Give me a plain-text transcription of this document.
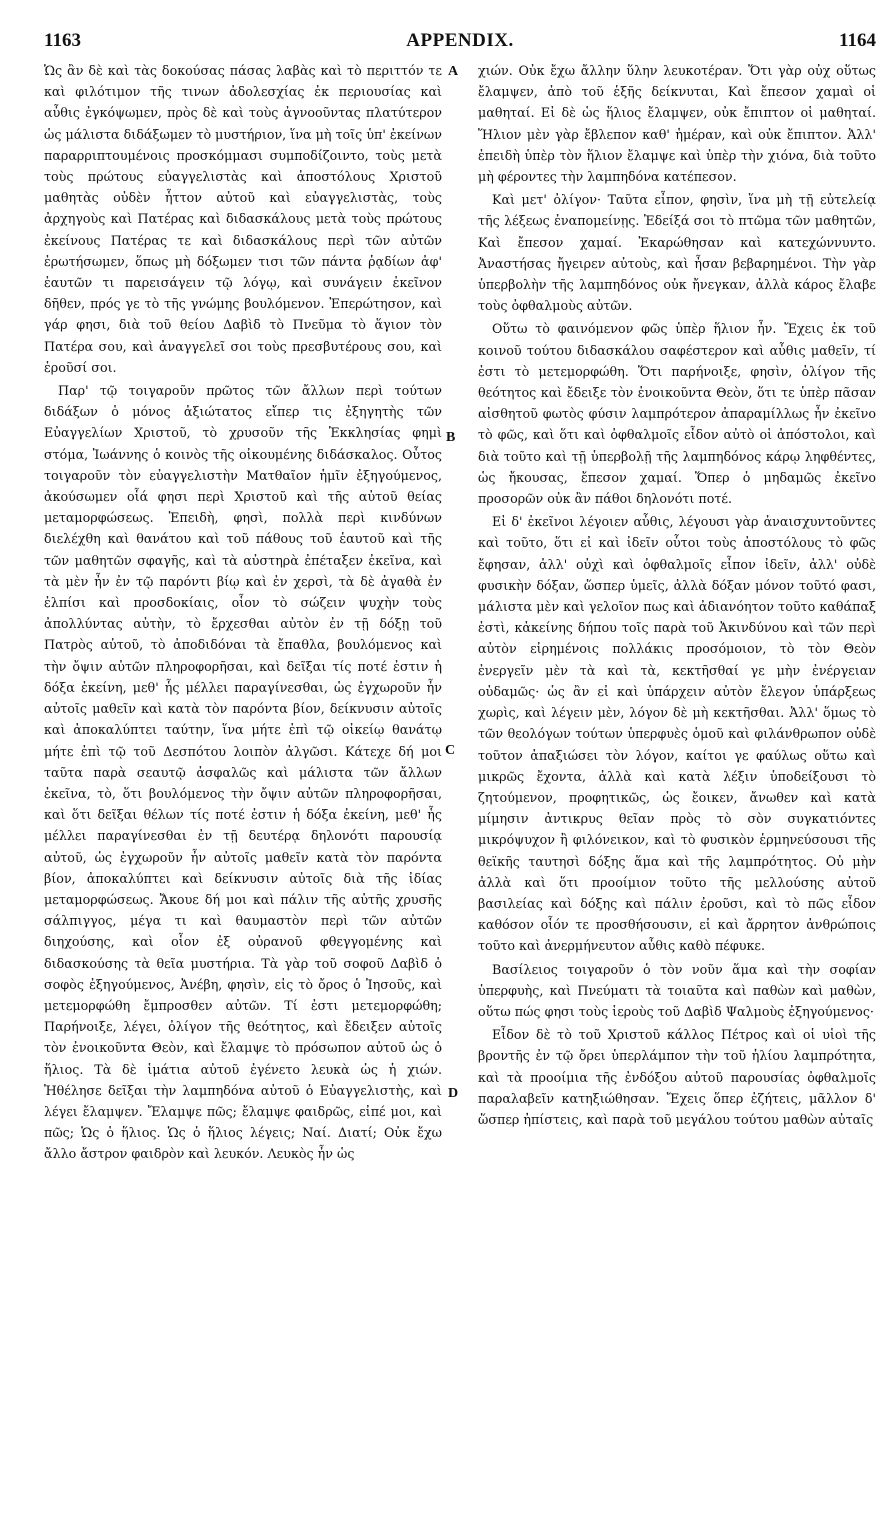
APPENDIX.
1163	1164
A
B
C
D

Ὡς ἂν δὲ καὶ τὰς δοκούσας πάσας λαβὰς καὶ τὸ περιττόν τε καὶ φιλότιμον τῆς τινων ἀδολεσχίας ἐκ περιουσίας καὶ αὖθις ἐγκόψωμεν, πρὸς δὲ καὶ τοὺς ἀγνοοῦντας πλατύτερον ὡς μάλιστα διδάξωμεν τὸ μυστήριον, ἵνα μὴ τοῖς ὑπ' ἐκείνων παραρριπτουμένοις προσκόμμασι συμποδίζοιντο, τοὺς μετὰ τοὺς πρώτους εὐαγγελιστὰς καὶ ἀποστόλους Χριστοῦ μαθητὰς οὐδὲν ἧττον αὐτοῦ καὶ εὐαγγελιστὰς, τοὺς ἀρχηγοὺς καὶ Πατέρας καὶ διδασκάλους μετὰ τοὺς πρώτους ἐκείνους Πατέρας τε καὶ διδασκάλους περὶ τῶν αὐτῶν ἐρωτήσωμεν, ὅπως μὴ δόξωμεν τισι τῶν πάντα ῥᾳδίων ἀφ' ἑαυτῶν τι παρεισάγειν τῷ λόγῳ, καὶ συνάγειν ἐκεῖνον δῆθεν, πρός γε τὸ τῆς γνώμης βουλόμενον. Ἐπερώτησον, καὶ γάρ φησι, διὰ τοῦ θείου Δαβὶδ τὸ Πνεῦμα τὸ ἅγιον τὸν Πατέρα σου, καὶ ἀναγγελεῖ σοι τοὺς πρεσβυτέρους σου, καὶ ἐροῦσί σοι.

Παρ' τῷ τοιγαροῦν πρῶτος τῶν ἄλλων περὶ τούτων διδάξων ὁ μόνος ἀξιώτατος εἴπερ τις ἐξηγητὴς τῶν Εὐαγγελίων Χριστοῦ, τὸ χρυσοῦν τῆς Ἐκκλησίας φημὶ στόμα, Ἰωάννης ὁ κοινὸς τῆς οἰκουμένης διδάσκαλος. Οὗτος τοιγαροῦν τὸν εὐαγγελιστὴν Ματθαῖον ἡμῖν ἐξηγούμενος, ἀκούσωμεν οἷά φησι περὶ Χριστοῦ καὶ τῆς αὐτοῦ θείας μεταμορφώσεως. Ἐπειδὴ, φησὶ, πολλὰ περὶ κινδύνων διελέχθη καὶ θανάτου καὶ τοῦ πάθους τοῦ ἑαυτοῦ καὶ τῆς τῶν μαθητῶν σφαγῆς, καὶ τὰ αὐστηρὰ ἐπέταξεν ἐκεῖνα, καὶ τὰ μὲν ἦν ἐν τῷ παρόντι βίῳ καὶ ἐν χερσὶ, τὰ δὲ ἀγαθὰ ἐν ἐλπίσι καὶ προσδοκίαις, οἷον τὸ σώζειν ψυχὴν τοὺς ἀπολλύντας αὐτὴν, τὸ ἔρχεσθαι αὐτὸν ἐν τῇ δόξῃ τοῦ Πατρὸς αὐτοῦ, τὸ ἀποδιδόναι τὰ ἔπαθλα, βουλόμενος καὶ τὴν ὄψιν αὐτῶν πληροφορῆσαι, καὶ δεῖξαι τίς ποτέ ἐστιν ἡ δόξα ἐκείνη, μεθ' ἧς μέλλει παραγίνεσθαι, ὡς ἐγχωροῦν ἦν αὐτοῖς μαθεῖν καὶ κατὰ τὸν παρόντα βίον, δείκνυσιν αὐτοῖς καὶ ἀποκαλύπτει ταύτην, ἵνα μήτε ἐπὶ τῷ οἰκείῳ θανάτῳ μήτε ἐπὶ τῷ τοῦ Δεσπότου λοιπὸν ἀλγῶσι. Κάτεχε δή μοι ταῦτα παρὰ σεαυτῷ ἀσφαλῶς καὶ μάλιστα τῶν ἄλλων ἐκεῖνα, τὸ, ὅτι βουλόμενος τὴν ὄψιν αὐτῶν πληροφορῆσαι, καὶ ὅτι δεῖξαι θέλων τίς ποτέ ἐστιν ἡ δόξα ἐκείνη, μεθ' ἧς μέλλει παραγίνεσθαι ἐν τῇ δευτέρᾳ δηλονότι παρουσίᾳ αὐτοῦ, ὡς ἐγχωροῦν ἦν αὐτοῖς μαθεῖν κατὰ τὸν παρόντα βίον, ἀποκαλύπτει καὶ δείκνυσιν αὐτοῖς διὰ τῆς ἰδίας μεταμορφώσεως. Ἄκουε δή μοι καὶ πάλιν τῆς αὐτῆς χρυσῆς σάλπιγγος, μέγα τι καὶ θαυμαστὸν περὶ τῶν αὐτῶν διηχούσης, καὶ οἷον ἐξ οὐρανοῦ φθεγγομένης καὶ διδασκούσης τὰ θεῖα μυστήρια. Τὰ γὰρ τοῦ σοφοῦ Δαβὶδ ὁ σοφὸς ἐξηγούμενος, Ἀνέβη, φησὶν, εἰς τὸ ὄρος ὁ Ἰησοῦς, καὶ μετεμορφώθη ἔμπροσθεν αὐτῶν. Τί ἐστι μετεμορφώθη; Παρήνοιξε, λέγει, ὀλίγον τῆς θεότητος, καὶ ἔδειξεν αὐτοῖς τὸν ἐνοικοῦντα Θεὸν, καὶ ἔλαμψε τὸ πρόσωπον αὐτοῦ ὡς ὁ ἥλιος. Τὰ δὲ ἱμάτια αὐτοῦ ἐγένετο λευκὰ ὡς ἡ χιών. Ἠθέλησε δεῖξαι τὴν λαμπηδόνα αὐτοῦ ὁ Εὐαγγελιστὴς, καὶ λέγει ἔλαμψεν. Ἔλαμψε πῶς; ἔλαμψε φαιδρῶς, εἰπέ μοι, καὶ πῶς; Ὡς ὁ ἥλιος. Ὡς ὁ ἥλιος λέγεις; Ναί. Διατί; Οὐκ ἔχω ἄλλο ἄστρον φαιδρὸν καὶ λευκόν. Λευκὸς ἦν ὡς

χιών. Οὐκ ἔχω ἄλλην ὕλην λευκοτέραν. Ὅτι γὰρ οὐχ οὕτως ἔλαμψεν, ἀπὸ τοῦ ἑξῆς δείκνυται, Καὶ ἔπεσον χαμαὶ οἱ μαθηταί. Εἰ δὲ ὡς ἥλιος ἔλαμψεν, οὐκ ἔπιπτον οἱ μαθηταί. Ἥλιον μὲν γὰρ ἔβλεπον καθ' ἡμέραν, καὶ οὐκ ἔπιπτον. Ἀλλ' ἐπειδὴ ὑπὲρ τὸν ἥλιον ἔλαμψε καὶ ὑπὲρ τὴν χιόνα, διὰ τοῦτο μὴ φέροντες τὴν λαμπηδόνα κατέπεσον.

Καὶ μετ' ὀλίγον· Ταῦτα εἶπον, φησὶν, ἵνα μὴ τῇ εὐτελείᾳ τῆς λέξεως ἐναπομείνῃς. Ἐδείξά σοι τὸ πτῶμα τῶν μαθητῶν, Καὶ ἔπεσον χαμαί. Ἐκαρώθησαν καὶ κατεχώννυντο. Ἀναστήσας ἤγειρεν αὐτοὺς, καὶ ἦσαν βεβαρημένοι. Τὴν γὰρ ὑπερβολὴν τῆς λαμπηδόνος οὐκ ἤνεγκαν, ἀλλὰ κάρος ἔλαβε τοὺς ὀφθαλμοὺς αὐτῶν.

Οὕτω τὸ φαινόμενον φῶς ὑπὲρ ἥλιον ἦν. Ἔχεις ἐκ τοῦ κοινοῦ τούτου διδασκάλου σαφέστερον καὶ αὖθις μαθεῖν, τί ἐστι τὸ μετεμορφώθη. Ὅτι παρήνοιξε, φησὶν, ὀλίγον τῆς θεότητος καὶ ἔδειξε τὸν ἐνοικοῦντα Θεὸν, ὅτι τε ὑπὲρ πᾶσαν αἰσθητοῦ φωτὸς φύσιν λαμπρότερον ἀπαραμίλλως ἦν ἐκεῖνο τὸ φῶς, καὶ ὅτι καὶ ὀφθαλμοῖς εἶδον αὐτὸ οἱ ἀπόστολοι, καὶ διὰ τοῦτο καὶ τῇ ὑπερβολῇ τῆς λαμπηδόνος κάρῳ ληφθέντες, ὡς ἤκουσας, ἔπεσον χαμαί. Ὅπερ ὁ μηδαμῶς ἐκεῖνο προσορῶν οὐκ ἂν πάθοι δηλονότι ποτέ.

Εἰ δ' ἐκεῖνοι λέγοιεν αὖθις, λέγουσι γὰρ ἀναισχυντοῦντες καὶ τοῦτο, ὅτι εἰ καὶ ἰδεῖν οὗτοι τοὺς ἀποστόλους τὸ φῶς ἔφησαν, ἀλλ' οὐχὶ καὶ ὀφθαλμοῖς εἶπον ἰδεῖν, ἀλλ' οὐδὲ φυσικὴν δόξαν, ὥσπερ ὑμεῖς, ἀλλὰ δόξαν μόνον τοῦτό φασι, μάλιστα μὲν καὶ γελοῖον πως καὶ ἀδιανόητον τοῦτο καθάπαξ ἐστὶ, κἀκείνης δήπου τοῖς παρὰ τοῦ Ἀκινδύνου καὶ τῶν περὶ αὐτὸν εἰρημένοις πολλάκις προσόμοιον, τὸ τὸν Θεὸν ἐνεργεῖν μὲν τὰ καὶ τὰ, κεκτῆσθαί γε μὴν ἐνέργειαν οὐδαμῶς· ὡς ἂν εἰ καὶ ὑπάρχειν αὐτὸν ἔλεγον ὑπάρξεως χωρὶς, καὶ λέγειν μὲν, λόγον δὲ μὴ κεκτῆσθαι. Ἀλλ' ὅμως τὸ τῶν θεολόγων τούτων ὑπερφυὲς ὁμοῦ καὶ φιλάνθρωπον οὐδὲ τοῦτον ἀπαξιώσει τὸν λόγον, καίτοι γε φαύλως οὕτω καὶ μικρῶς ἔχοντα, ἀλλὰ καὶ κατὰ λέξιν ὑποδείξουσι τὸ ζητούμενον, προφητικῶς, ὡς ἔοικεν, ἄνωθεν καὶ κατὰ μίμησιν ἀντικρυς θεῖαν πρὸς τὸ σὸν συγκατιόντες μικρόψυχον ἢ φιλόνεικον, καὶ τὸ φυσικὸν ἑρμηνεύσουσι τῆς θεϊκῆς ταυτησὶ δόξης ἅμα καὶ τῆς λαμπρότητος. Οὐ μὴν ἀλλὰ καὶ ὅτι προοίμιον τοῦτο τῆς μελλούσης αὐτοῦ βασιλείας καὶ δόξης καὶ πάλιν ἐροῦσι, καὶ τὸ πῶς εἶδον καθόσον οἷόν τε προσθήσουσιν, εἰ καὶ ἄρρητον ἀνθρώποις τοῦτο καὶ ἀνερμήνευτον αὖθις καθὸ πέφυκε.

Βασίλειος τοιγαροῦν ὁ τὸν νοῦν ἅμα καὶ τὴν σοφίαν ὑπερφυὴς, καὶ Πνεύματι τὰ τοιαῦτα καὶ παθὼν καὶ μαθὼν, οὕτω πώς φησι τοὺς ἱεροὺς τοῦ Δαβὶδ Ψαλμοὺς ἐξηγούμενος·

Εἶδον δὲ τὸ τοῦ Χριστοῦ κάλλος Πέτρος καὶ οἱ υἱοὶ τῆς βροντῆς ἐν τῷ ὄρει ὑπερλάμπον τὴν τοῦ ἡλίου λαμπρότητα, καὶ τὰ προοίμια τῆς ἐνδόξου αὐτοῦ παρουσίας ὀφθαλμοῖς παραλαβεῖν κατηξιώθησαν. Ἔχεις ὅπερ ἐζήτεις, μᾶλλον δ' ὥσπερ ἠπίστεις, καὶ παρὰ τοῦ μεγάλου τούτου μαθὼν αὐταῖς
